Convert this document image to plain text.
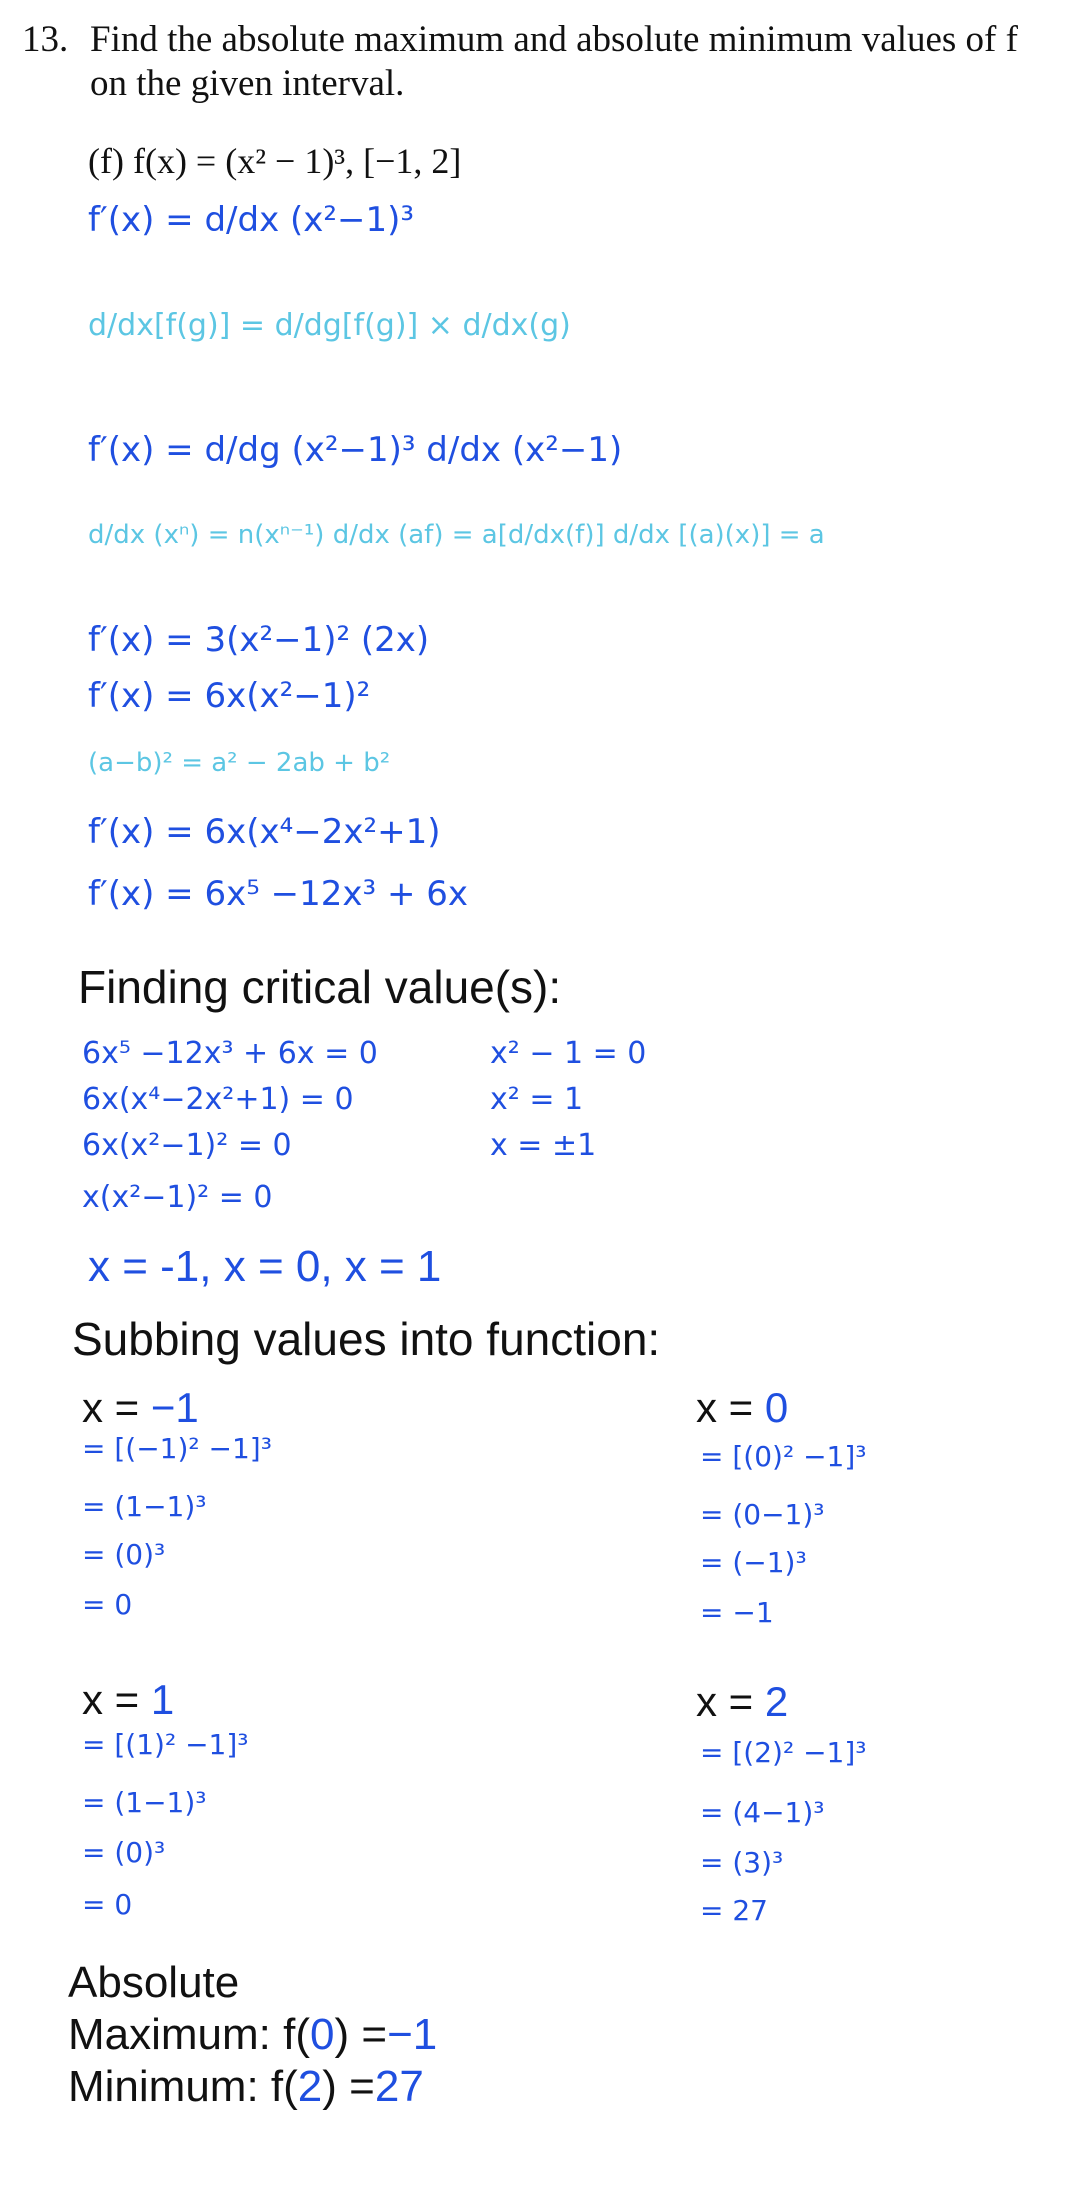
13. Find the absolute maximum and absolute minimum values of f on the given interval.
(f) f(x) = (x² − 1)³, [−1, 2]
f′(x) = d/dx (x²−1)³
d/dx[f(g)] = d/dg[f(g)] × d/dx(g)
f′(x) = d/dg (x²−1)³ d/dx (x²−1)
d/dx (xⁿ) = n(xⁿ⁻¹) d/dx (af) = a[d/dx(f)] d/dx [(a)(x)] = a
f′(x) = 3(x²−1)² (2x)
f′(x) = 6x(x²−1)²
(a−b)² = a² − 2ab + b²
f′(x) = 6x(x⁴−2x²+1)
f′(x) = 6x⁵ −12x³ + 6x
Finding critical value(s):
6x⁵ −12x³ + 6x = 0
6x(x⁴−2x²+1) = 0
6x(x²−1)² = 0
x(x²−1)² = 0
x² − 1 = 0
x² = 1
x = ±1
x = -1, x = 0, x = 1
Subbing values into function:
x = −1
= [(−1)² −1]³
= (1−1)³
= (0)³
= 0
x = 0
= [(0)² −1]³
= (0−1)³
= (−1)³
= −1
x = 1
= [(1)² −1]³
= (1−1)³
= (0)³
= 0
x = 2
= [(2)² −1]³
= (4−1)³
= (3)³
= 27
Absolute
Maximum: f(0) =−1
Minimum: f(2) =27
